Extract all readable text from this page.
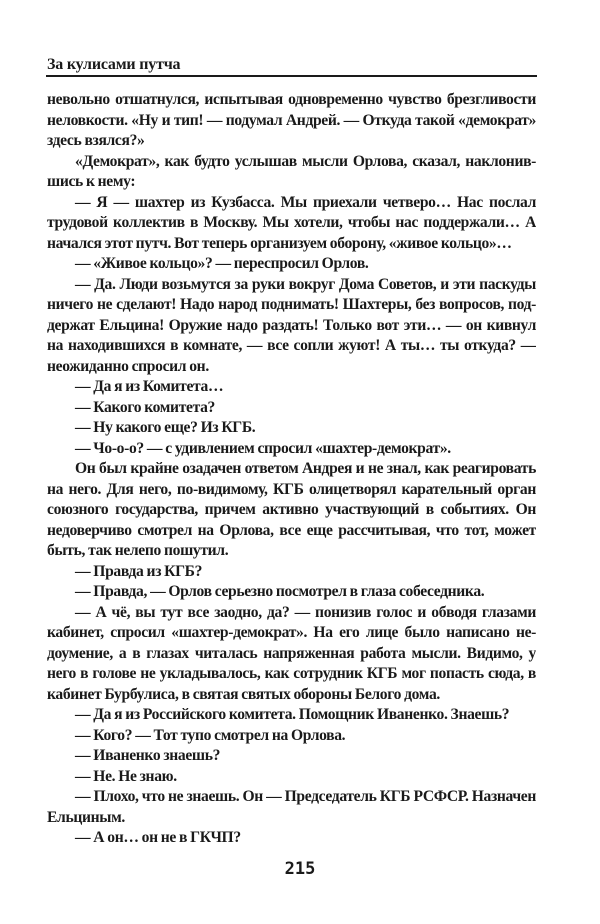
За кулисами путча
невольно отшатнулся, испытывая одновременно чувство брезгливости
неловкости. «Ну и тип! — подумал Андрей. — Откуда такой «демократ»
здесь взялся?»
«Демократ», как будто услышав мысли Орлова, сказал, наклонив-
шись к нему:
— Я — шахтер из Кузбасса. Мы приехали четверо… Нас послал
трудовой коллектив в Москву. Мы хотели, чтобы нас поддержали… А
начался этот путч. Вот теперь организуем оборону, «живое кольцо»…
— «Живое кольцо»? — переспросил Орлов.
— Да. Люди возьмутся за руки вокруг Дома Советов, и эти паскуды
ничего не сделают! Надо народ поднимать! Шахтеры, без вопросов, под-
держат Ельцина! Оружие надо раздать! Только вот эти… — он кивнул
на находившихся в комнате, — все сопли жуют! А ты… ты откуда? —
неожиданно спросил он.
— Да я из Комитета…
— Какого комитета?
— Ну какого еще? Из КГБ.
— Чо-о-о? — с удивлением спросил «шахтер-демократ».
Он был крайне озадачен ответом Андрея и не знал, как реагировать
на него. Для него, по-видимому, КГБ олицетворял карательный орган
союзного государства, причем активно участвующий в событиях. Он
недоверчиво смотрел на Орлова, все еще рассчитывая, что тот, может
быть, так нелепо пошутил.
— Правда из КГБ?
— Правда, — Орлов серьезно посмотрел в глаза собеседника.
— А чё, вы тут все заодно, да? — понизив голос и обводя глазами
кабинет, спросил «шахтер-демократ». На его лице было написано не-
доумение, а в глазах читалась напряженная работа мысли. Видимо, у
него в голове не укладывалось, как сотрудник КГБ мог попасть сюда, в
кабинет Бурбулиса, в святая святых обороны Белого дома.
— Да я из Российского комитета. Помощник Иваненко. Знаешь?
— Кого? — Тот тупо смотрел на Орлова.
— Иваненко знаешь?
— Не. Не знаю.
— Плохо, что не знаешь. Он — Председатель КГБ РСФСР. Назначен
Ельциным.
— А он… он не в ГКЧП?
215
